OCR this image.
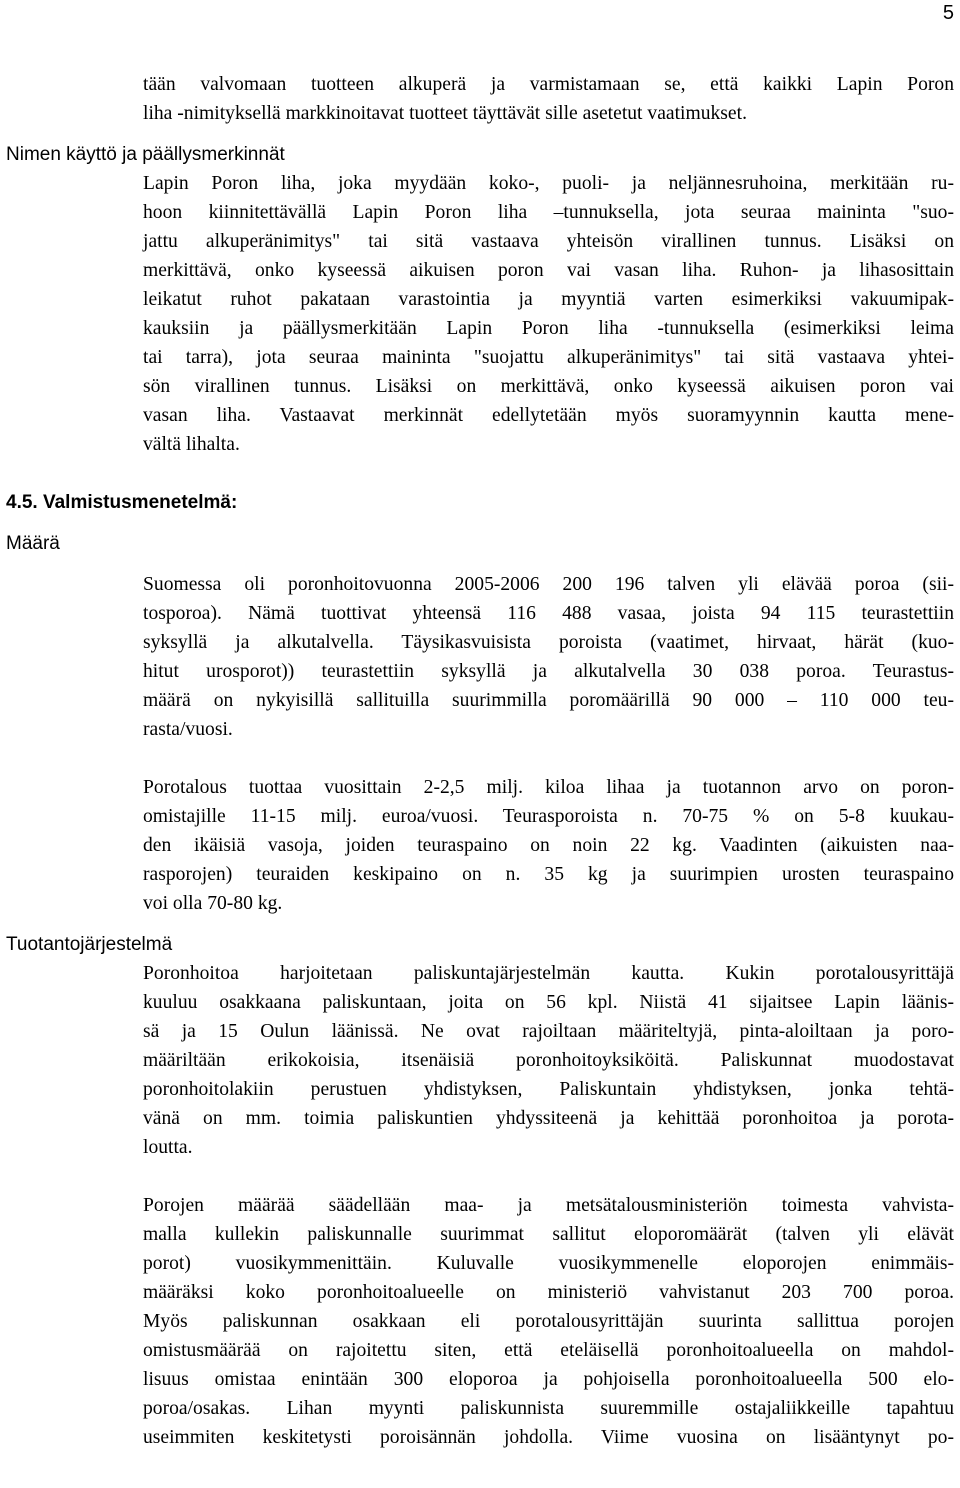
5
tään valvomaan tuotteen alkuperä ja varmistamaan se, että kaikki Lapin Poron
liha -nimityksellä markkinoitavat tuotteet täyttävät sille asetetut vaatimukset.
Nimen käyttö ja päällysmerkinnät
Lapin Poron liha, joka myydään koko-, puoli- ja neljännesruhoina, merkitään ru-
hoon kiinnitettävällä Lapin Poron liha –tunnuksella, jota seuraa maininta "suo-
jattu alkuperänimitys" tai sitä vastaava yhteisön virallinen tunnus. Lisäksi on
merkittävä, onko kyseessä aikuisen poron vai vasan liha. Ruhon- ja lihasosittain
leikatut ruhot pakataan varastointia ja myyntiä varten esimerkiksi vakuumipak-
kauksiin ja päällysmerkitään Lapin Poron liha -tunnuksella (esimerkiksi leima
tai tarra), jota seuraa maininta "suojattu alkuperänimitys" tai sitä vastaava yhtei-
sön virallinen tunnus. Lisäksi on merkittävä, onko kyseessä aikuisen poron vai
vasan liha. Vastaavat merkinnät edellytetään myös suoramyynnin kautta mene-
vältä lihalta.
4.5. Valmistusmenetelmä:
Määrä
Suomessa oli poronhoitovuonna 2005-2006 200 196 talven yli elävää poroa (sii-
tosporoa). Nämä tuottivat yhteensä 116 488 vasaa, joista 94 115 teurastettiin
syksyllä ja alkutalvella. Täysikasvuisista poroista (vaatimet, hirvaat, härät (kuo-
hitut urosporot)) teurastettiin syksyllä ja alkutalvella 30 038 poroa. Teurastus-
määrä on nykyisillä sallituilla suurimmilla poromäärillä 90 000 – 110 000 teu-
rasta/vuosi.
Porotalous tuottaa vuosittain 2-2,5 milj. kiloa lihaa ja tuotannon arvo on poron-
omistajille 11-15 milj. euroa/vuosi. Teurasporoista n. 70-75 % on 5-8 kuukau-
den ikäisiä vasoja, joiden teuraspaino on noin 22 kg. Vaadinten (aikuisten naa-
rasporojen) teuraiden keskipaino on n. 35 kg ja suurimpien urosten teuraspaino
voi olla 70-80 kg.
Tuotantojärjestelmä
Poronhoitoa harjoitetaan paliskuntajärjestelmän kautta. Kukin porotalousyrittäjä
kuuluu osakkaana paliskuntaan, joita on 56 kpl. Niistä 41 sijaitsee Lapin läänis-
sä ja 15 Oulun läänissä. Ne ovat rajoiltaan määriteltyjä, pinta-aloiltaan ja poro-
määriltään erikokoisia, itsenäisiä poronhoitoyksiköitä. Paliskunnat muodostavat
poronhoitolakiin perustuen yhdistyksen, Paliskuntain yhdistyksen, jonka tehtä-
vänä on mm. toimia paliskuntien yhdyssiteenä ja kehittää poronhoitoa ja porota-
loutta.
Porojen määrää säädellään maa- ja metsätalousministeriön toimesta vahvista-
malla kullekin paliskunnalle suurimmat sallitut eloporomäärät (talven yli elävät
porot) vuosikymmenittäin. Kuluvalle vuosikymmenelle eloporojen enimmäis-
määräksi koko poronhoitoalueelle on ministeriö vahvistanut 203 700 poroa.
Myös paliskunnan osakkaan eli porotalousyrittäjän suurinta sallittua porojen
omistusmäärää on rajoitettu siten, että eteläisellä poronhoitoalueella on mahdol-
lisuus omistaa enintään 300 eloporoa ja pohjoisella poronhoitoalueella 500 elo-
poroa/osakas. Lihan myynti paliskunnista suuremmille ostajaliikkeille tapahtuu
useimmiten keskitetysti poroisännän johdolla. Viime vuosina on lisääntynyt po-
